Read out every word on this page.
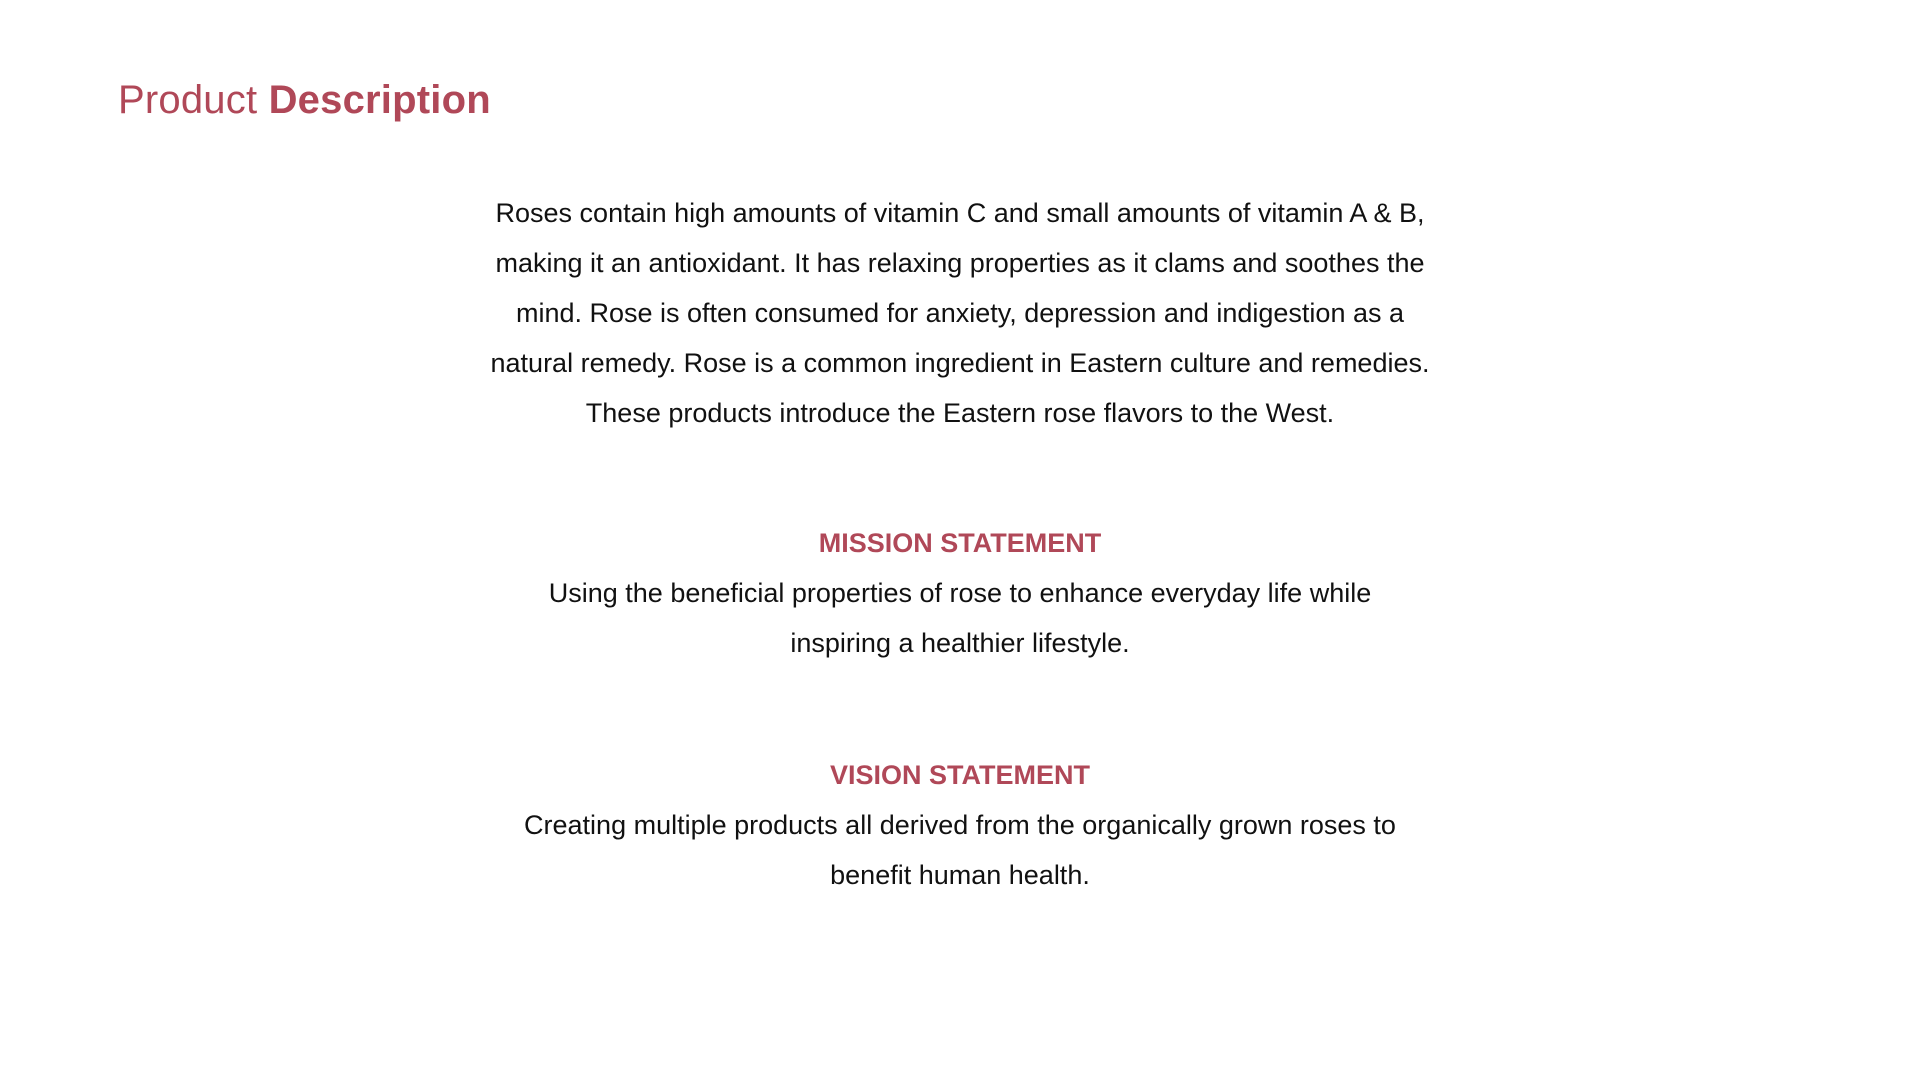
Product Description

Roses contain high amounts of vitamin C and small amounts of vitamin A & B, making it an antioxidant. It has relaxing properties as it clams and soothes the mind. Rose is often consumed for anxiety, depression and indigestion as a natural remedy. Rose is a common ingredient in Eastern culture and remedies. These products introduce the Eastern rose flavors to the West.

MISSION STATEMENT

Using the beneficial properties of rose to enhance everyday life while inspiring a healthier lifestyle.

VISION STATEMENT

Creating multiple products all derived from the organically grown roses to benefit human health.
